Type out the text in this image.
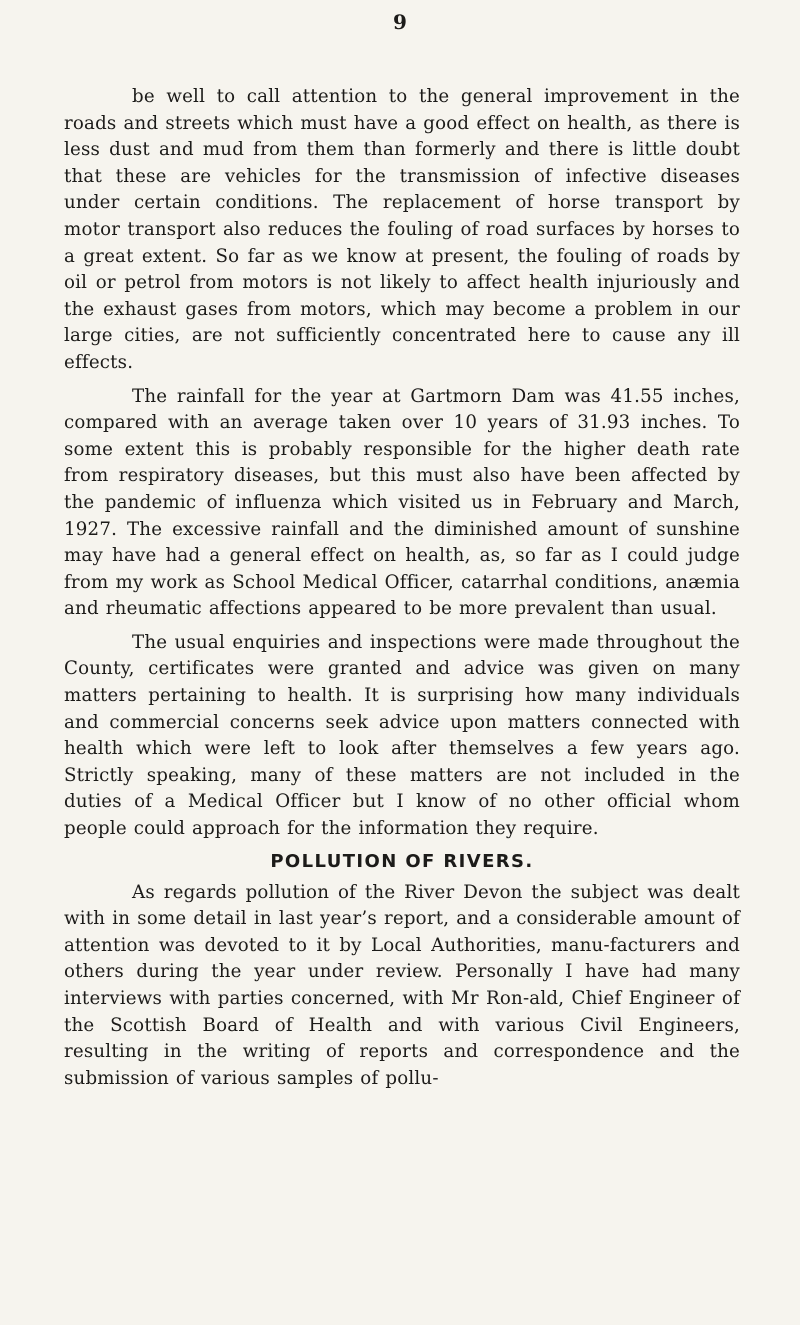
9

be well to call attention to the general improvement in the roads and streets which must have a good effect on health, as there is less dust and mud from them than formerly and there is little doubt that these are vehicles for the transmission of infective diseases under certain conditions. The replacement of horse transport by motor transport also reduces the fouling of road surfaces by horses to a great extent. So far as we know at present, the fouling of roads by oil or petrol from motors is not likely to affect health injuriously and the exhaust gases from motors, which may become a problem in our large cities, are not sufficiently concentrated here to cause any ill effects.

The rainfall for the year at Gartmorn Dam was 41.55 inches, compared with an average taken over 10 years of 31.93 inches. To some extent this is probably responsible for the higher death rate from respiratory diseases, but this must also have been affected by the pandemic of influenza which visited us in February and March, 1927. The excessive rainfall and the diminished amount of sunshine may have had a general effect on health, as, so far as I could judge from my work as School Medical Officer, catarrhal conditions, anæmia and rheumatic affections appeared to be more prevalent than usual.

The usual enquiries and inspections were made throughout the County, certificates were granted and advice was given on many matters pertaining to health. It is surprising how many individuals and commercial concerns seek advice upon matters connected with health which were left to look after themselves a few years ago. Strictly speaking, many of these matters are not included in the duties of a Medical Officer but I know of no other official whom people could approach for the information they require.

POLLUTION OF RIVERS.

As regards pollution of the River Devon the subject was dealt with in some detail in last year’s report, and a considerable amount of attention was devoted to it by Local Authorities, manu-facturers and others during the year under review. Personally I have had many interviews with parties concerned, with Mr Ron-ald, Chief Engineer of the Scottish Board of Health and with various Civil Engineers, resulting in the writing of reports and correspondence and the submission of various samples of pollu-
